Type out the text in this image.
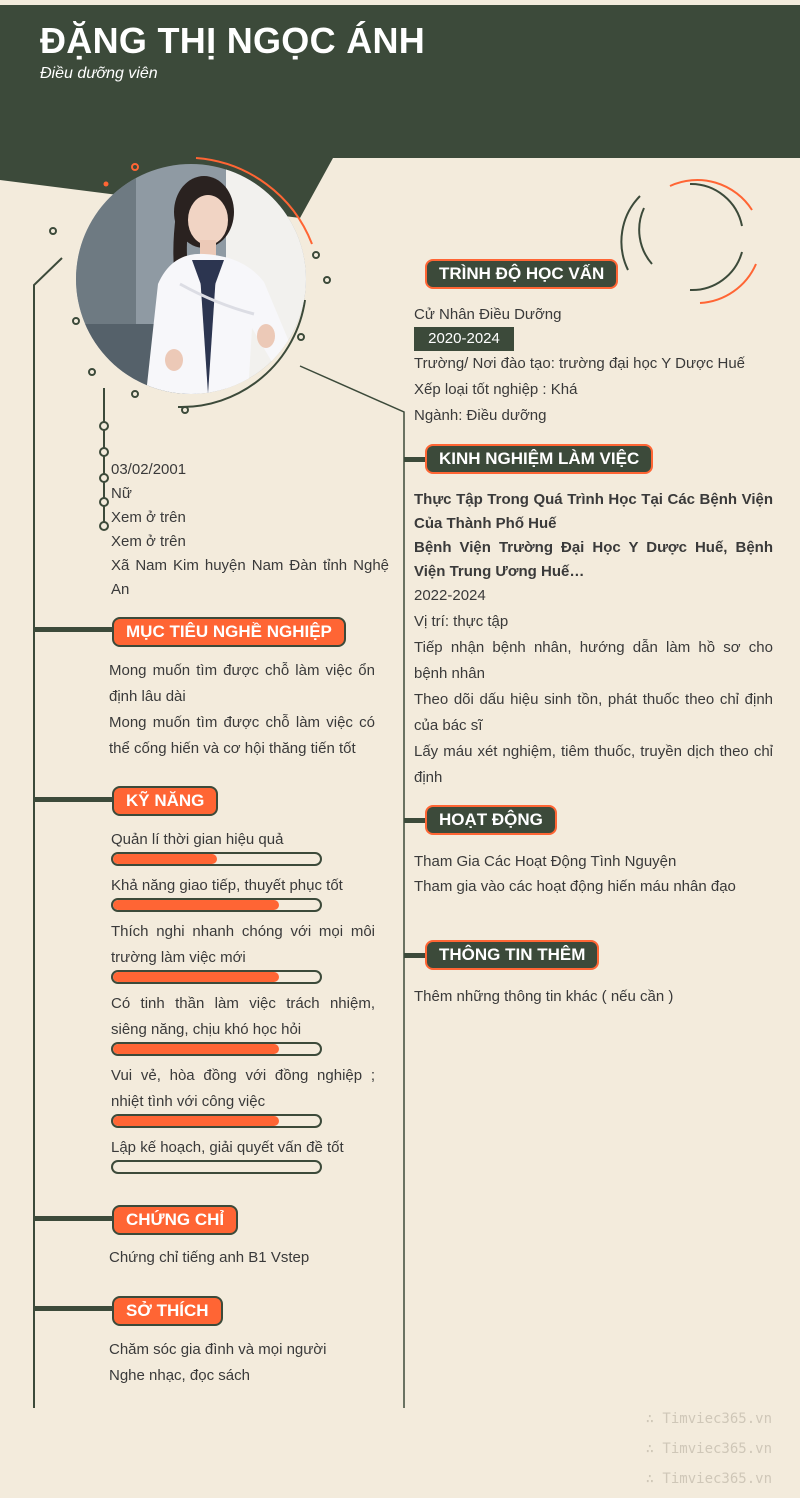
ĐẶNG THỊ NGỌC ÁNH
Điều dưỡng viên
03/02/2001
Nữ
Xem ở trên
Xem ở trên
Xã Nam Kim huyện Nam Đàn tỉnh Nghệ An
MỤC TIÊU NGHỀ NGHIỆP
Mong muốn tìm được chỗ làm việc ổn định lâu dài
Mong muốn tìm được chỗ làm việc có thể cống hiến và cơ hội thăng tiến tốt
KỸ NĂNG
Quản lí thời gian hiệu quả
Khả năng giao tiếp, thuyết phục tốt
Thích nghi nhanh chóng với mọi môi trường làm việc mới
Có tinh thần làm việc trách nhiệm, siêng năng, chịu khó học hỏi
Vui vẻ, hòa đồng với đồng nghiệp ; nhiệt tình với công việc
Lập kế hoạch, giải quyết vấn đề tốt
CHỨNG CHỈ
Chứng chỉ tiếng anh B1 Vstep
SỞ THÍCH
Chăm sóc gia đình và mọi người
Nghe nhạc, đọc sách
TRÌNH ĐỘ HỌC VẤN
Cử Nhân Điều Dưỡng
2020-2024
Trường/ Nơi đào tạo: trường đại học Y Dược Huế
Xếp loại tốt nghiệp : Khá
Ngành: Điều dưỡng
KINH NGHIỆM LÀM VIỆC
Thực Tập Trong Quá Trình Học Tại Các Bệnh Viện Của Thành Phố Huế
Bệnh Viện Trường Đại Học Y Dược Huế, Bệnh Viện Trung Ương Huế…
2022-2024
Vị trí: thực tập
Tiếp nhận bệnh nhân, hướng dẫn làm hồ sơ cho bệnh nhân
Theo dõi dấu hiệu sinh tồn, phát thuốc theo chỉ định của bác sĩ
Lấy máu xét nghiệm, tiêm thuốc, truyền dịch theo chỉ định
HOẠT ĐỘNG
Tham Gia Các Hoạt Động Tình Nguyện
Tham gia vào các hoạt động hiến máu nhân đạo
THÔNG TIN THÊM
Thêm những thông tin khác ( nếu cần )
∴ Timviec365.vn
∴ Timviec365.vn
∴ Timviec365.vn
